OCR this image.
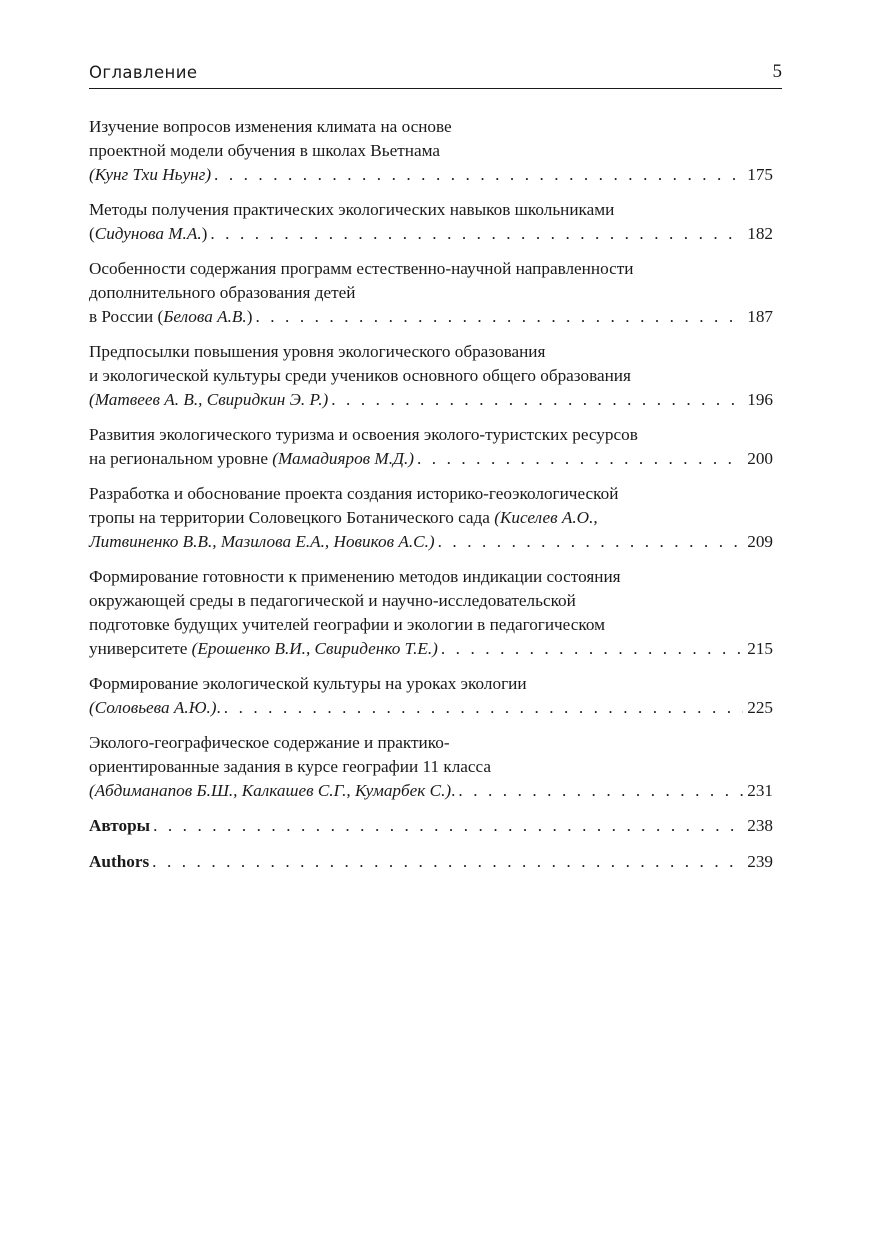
Оглавление	5
Изучение вопросов изменения климата на основе
проектной модели обучения в школах Вьетнама
(Кунг Тхи Ньунг) . . .	175
Методы получения практических экологических навыков школьниками
(Сидунова М.А.) . . .	182
Особенности содержания программ естественно-научной направленности
дополнительного образования детей
в России (Белова А.В.) . . .	187
Предпосылки повышения уровня экологического образования
и экологической культуры среди учеников основного общего образования
(Матвеев А. В., Свиридкин Э. Р.) . . .	196
Развития экологического туризма и освоения эколого-туристских ресурсов
на региональном уровне (Мамадияров М.Д.) . . .	200
Разработка и обоснование проекта создания историко-геоэкологической
тропы на территории Соловецкого Ботанического сада (Киселев А.О.,
Литвиненко В.В., Мазилова Е.А., Новиков А.С.) . . .	209
Формирование готовности к применению методов индикации состояния
окружающей среды в педагогической и научно-исследовательской
подготовке будущих учителей географии и экологии в педагогическом
университете (Ерошенко В.И., Свириденко Т.Е.) . . .	215
Формирование экологической культуры на уроках экологии
(Соловьева А.Ю.). . . .	225
Эколого-географическое содержание и практико-
ориентированные задания в курсе географии 11 класса
(Абдиманапов Б.Ш., Калкашев С.Г., Кумарбек С.). . . .	231
Авторы . . .	238
Authors . . .	239
